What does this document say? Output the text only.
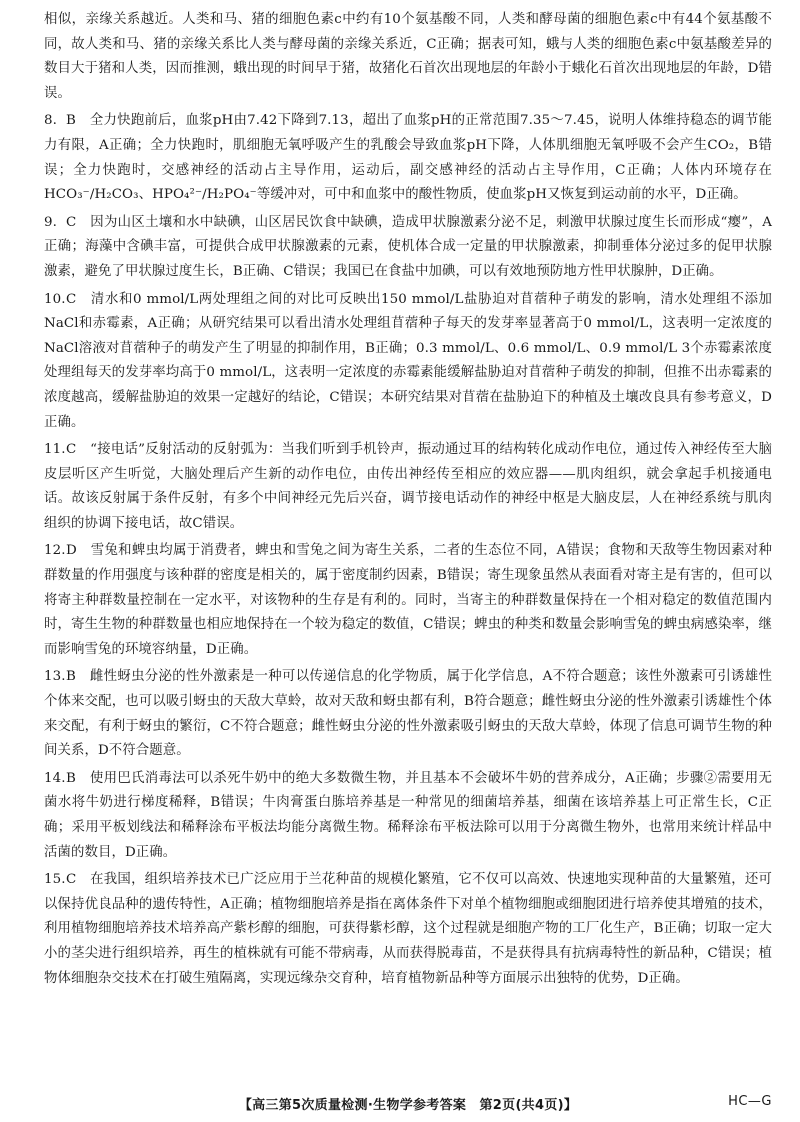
相似，亲缘关系越近。人类和马、猪的细胞色素c中约有10个氨基酸不同，人类和酵母菌的细胞色素c中有44个氨基酸不同，故人类和马、猪的亲缘关系比人类与酵母菌的亲缘关系近，C正确；据表可知，蛾与人类的细胞色素c中氨基酸差异的数目大于猪和人类，因而推测，蛾出现的时间早于猪，故猪化石首次出现地层的年龄小于蛾化石首次出现地层的年龄，D错误。

8. B　 全力快跑前后，血浆pH由7.42下降到7.13，超出了血浆pH的正常范围7.35～7.45，说明人体维持稳态的调节能力有限，A正确；全力快跑时，肌细胞无氧呼吸产生的乳酸会导致血浆pH下降，人体肌细胞无氧呼吸不会产生CO₂，B错误；全力快跑时，交感神经的活动占主导作用，运动后，副交感神经的活动占主导作用，C正确；人体内环境存在HCO₃⁻/H₂CO₃、HPO₄²⁻/H₂PO₄⁻等缓冲对，可中和血浆中的酸性物质，使血浆pH又恢复到运动前的水平，D正确。

9. C　 因为山区土壤和水中缺碘，山区居民饮食中缺碘，造成甲状腺激素分泌不足，刺激甲状腺过度生长而形成“瘿”，A正确；海藻中含碘丰富，可提供合成甲状腺激素的元素，使机体合成一定量的甲状腺激素，抑制垂体分泌过多的促甲状腺激素，避免了甲状腺过度生长，B正确、C错误；我国已在食盐中加碘，可以有效地预防地方性甲状腺肿，D正确。

10.C　 清水和0 mmol/L两处理组之间的对比可反映出150 mmol/L盐胁迫对苜蓿种子萌发的影响，清水处理组不添加NaCl和赤霉素，A正确；从研究结果可以看出清水处理组苜蓿种子每天的发芽率显著高于0 mmol/L，这表明一定浓度的NaCl溶液对苜蓿种子的萌发产生了明显的抑制作用，B正确；0.3 mmol/L、0.6 mmol/L、0.9 mmol/L 3个赤霉素浓度处理组每天的发芽率均高于0 mmol/L，这表明一定浓度的赤霉素能缓解盐胁迫对苜蓿种子萌发的抑制，但推不出赤霉素的浓度越高，缓解盐胁迫的效果一定越好的结论，C错误；本研究结果对苜蓿在盐胁迫下的种植及土壤改良具有参考意义，D正确。

11.C　 “接电话”反射活动的反射弧为：当我们听到手机铃声，振动通过耳的结构转化成动作电位，通过传入神经传至大脑皮层听区产生听觉，大脑处理后产生新的动作电位，由传出神经传至相应的效应器——肌肉组织，就会拿起手机接通电话。故该反射属于条件反射，有多个中间神经元先后兴奋，调节接电话动作的神经中枢是大脑皮层，人在神经系统与肌肉组织的协调下接电话，故C错误。

12.D　 雪兔和蜱虫均属于消费者，蜱虫和雪兔之间为寄生关系，二者的生态位不同，A错误；食物和天敌等生物因素对种群数量的作用强度与该种群的密度是相关的，属于密度制约因素，B错误；寄生现象虽然从表面看对寄主是有害的，但可以将寄主种群数量控制在一定水平，对该物种的生存是有利的。同时，当寄主的种群数量保持在一个相对稳定的数值范围内时，寄生生物的种群数量也相应地保持在一个较为稳定的数值，C错误；蜱虫的种类和数量会影响雪兔的蜱虫病感染率，继而影响雪兔的环境容纳量，D正确。

13.B　 雌性蚜虫分泌的性外激素是一种可以传递信息的化学物质，属于化学信息，A不符合题意；该性外激素可引诱雄性个体来交配，也可以吸引蚜虫的天敌大草蛉，故对天敌和蚜虫都有利，B符合题意；雌性蚜虫分泌的性外激素引诱雄性个体来交配，有利于蚜虫的繁衍，C不符合题意；雌性蚜虫分泌的性外激素吸引蚜虫的天敌大草蛉，体现了信息可调节生物的种间关系，D不符合题意。

14.B　 使用巴氏消毒法可以杀死牛奶中的绝大多数微生物，并且基本不会破坏牛奶的营养成分，A正确；步骤②需要用无菌水将牛奶进行梯度稀释，B错误；牛肉膏蛋白胨培养基是一种常见的细菌培养基，细菌在该培养基上可正常生长，C正确；采用平板划线法和稀释涂布平板法均能分离微生物。稀释涂布平板法除可以用于分离微生物外，也常用来统计样品中活菌的数目，D正确。

15.C　 在我国，组织培养技术已广泛应用于兰花种苗的规模化繁殖，它不仅可以高效、快速地实现种苗的大量繁殖，还可以保持优良品种的遗传特性，A正确；植物细胞培养是指在离体条件下对单个植物细胞或细胞团进行培养使其增殖的技术，利用植物细胞培养技术培养高产紫杉醇的细胞，可获得紫杉醇，这个过程就是细胞产物的工厂化生产，B正确；切取一定大小的茎尖进行组织培养，再生的植株就有可能不带病毒，从而获得脱毒苗，不是获得具有抗病毒特性的新品种，C错误；植物体细胞杂交技术在打破生殖隔离，实现远缘杂交育种，培育植物新品种等方面展示出独特的优势，D正确。

【高三第5次质量检测·生物学参考答案　第2页(共4页)】	HC—G
